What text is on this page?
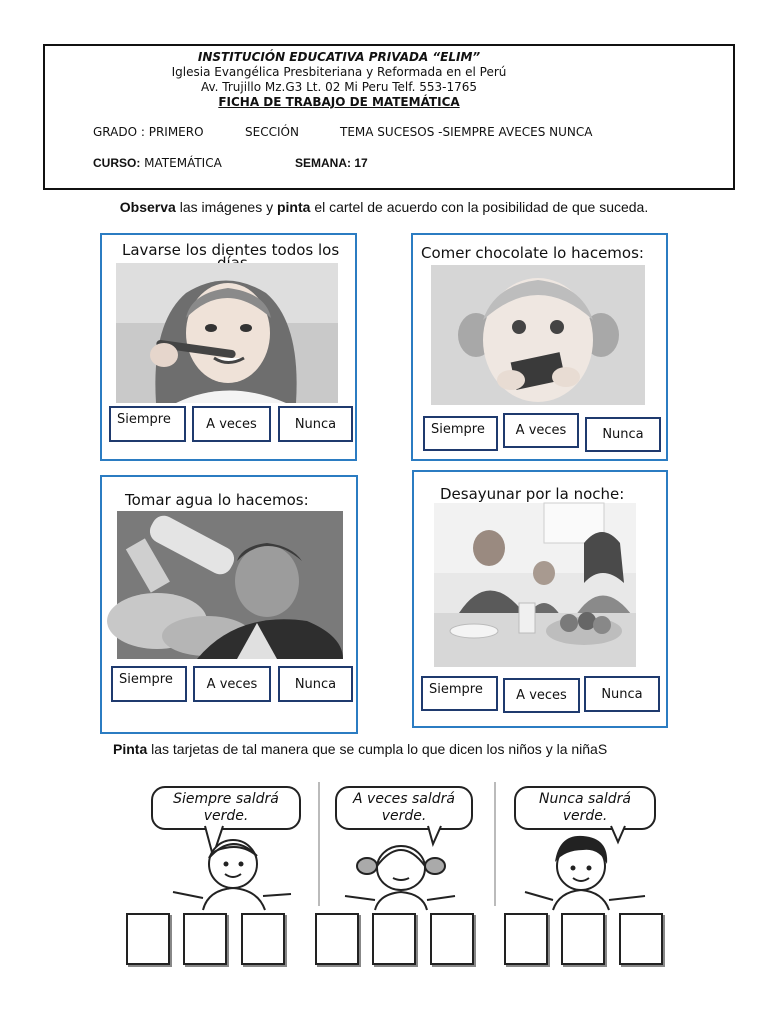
INSTITUCIÓN EDUCATIVA PRIVADA “ELIM”
Iglesia Evangélica Presbiteriana y Reformada en el Perú
Av. Trujillo Mz.G3 Lt. 02 Mi Peru Telf. 553-1765
FICHA DE TRABAJO DE MATEMÁTICA
GRADO : PRIMERO	SECCIÓN	TEMA SUCESOS -SIEMPRE AVECES NUNCA
CURSO: MATEMÁTICA	SEMANA: 17
Observa las imágenes y pinta el cartel de acuerdo con la posibilidad de que suceda.
Lavarse los dientes todos los
Siempre	A veces	Nunca
Comer chocolate lo hacemos:
Siempre	A veces	Nunca
Tomar agua lo hacemos:
Siempre	A veces	Nunca
Desayunar por la noche:
Siempre	A veces	Nunca
Pinta las tarjetas de tal manera que se cumpla lo que dicen los niños y la niñaS
Siempre saldrá
verde.
A veces saldrá
verde.
Nunca saldrá
verde.
